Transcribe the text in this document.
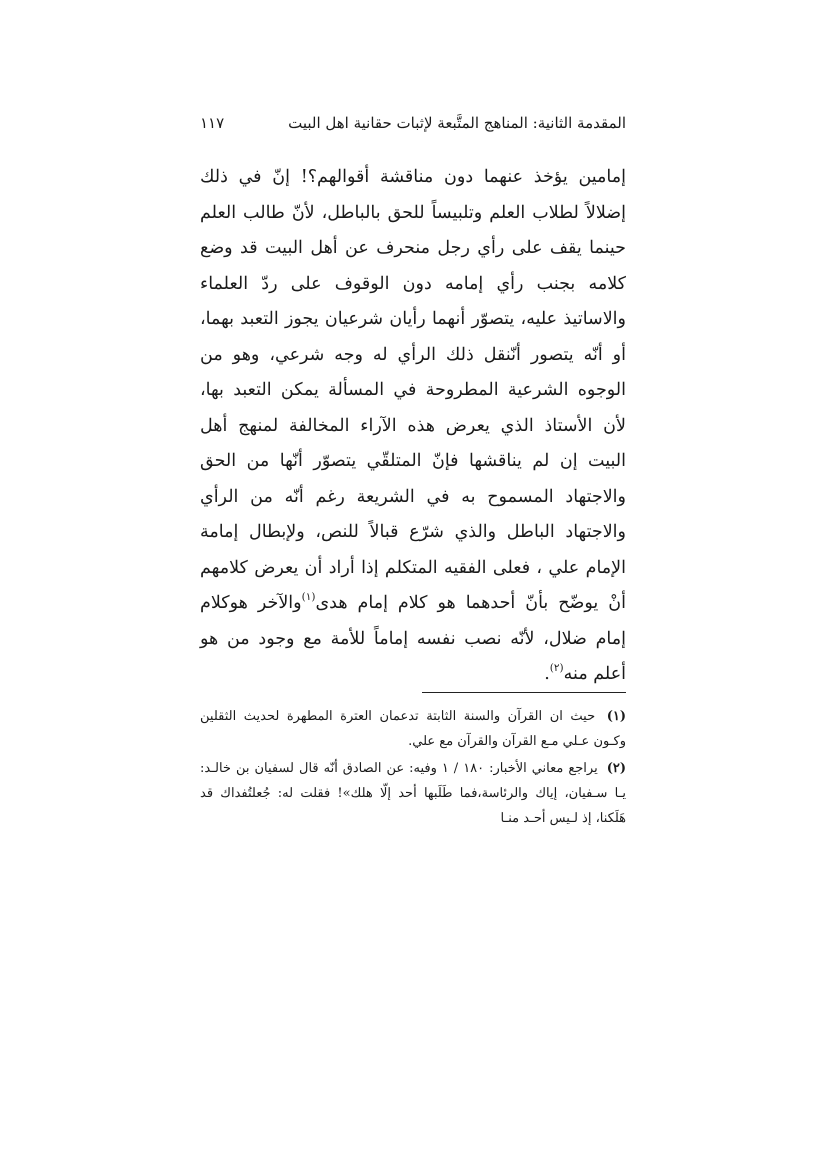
المقدمة الثانية: المناهج المتَّبعة لإثبات حقانية اهل البيت
١١٧

إمامين يؤخذ عنهما دون مناقشة أقوالهم؟! إنّ في ذلك إضلالاً لطلاب العلم وتلبيساً للحق بالباطل، لأنّ طالب العلم حينما يقف على رأي رجل منحرف عن أهل البيت قد وضع كلامه بجنب رأي إمامه دون الوقوف على ردّ العلماء والاساتيذ عليه، يتصوّر أنهما رأيان شرعيان يجوز التعبد بهما، أو أنّه يتصور أنّنقل ذلك الرأي له وجه شرعي، وهو من الوجوه الشرعية المطروحة في المسألة يمكن التعبد بها، لأن الأستاذ الذي يعرض هذه الآراء المخالفة لمنهج أهل البيت إن لم يناقشها فإنّ المتلقّي يتصوّر أنّها من الحق والاجتهاد المسموح به في الشريعة رغم أنّه من الرأي والاجتهاد الباطل والذي شرّع قبالاً للنص، ولإبطال إمامة الإمام علي ، فعلى الفقيه المتكلم إذا أراد أن يعرض كلامهم أنْ يوضّح بأنّ أحدهما هو كلام إمام هدى$^{(١)}$والآخر هوكلام إمام ضلال، لأنّه نصب نفسه إماماً للأمة مع وجود من هو أعلم منه$^{(٢)}$.

(١) حيث ان القرآن والسنة الثابتة تدعمان العترة المطهرة لحديث الثقلين وكـون عـلي مـع القرآن والقرآن مع علي.

(٢) يراجع معاني الأخبار: ١٨٠ / ١ وفيه: عن الصادق أنّه قال لسفيان بن خالـد: يـا سـفيان، إياك والرئاسة،فما طَلَبها أحد إلّا هلك»! فقلت له: جُعلتُفداك قد هَلَكنا، إذ لـيس أحـد منـا
